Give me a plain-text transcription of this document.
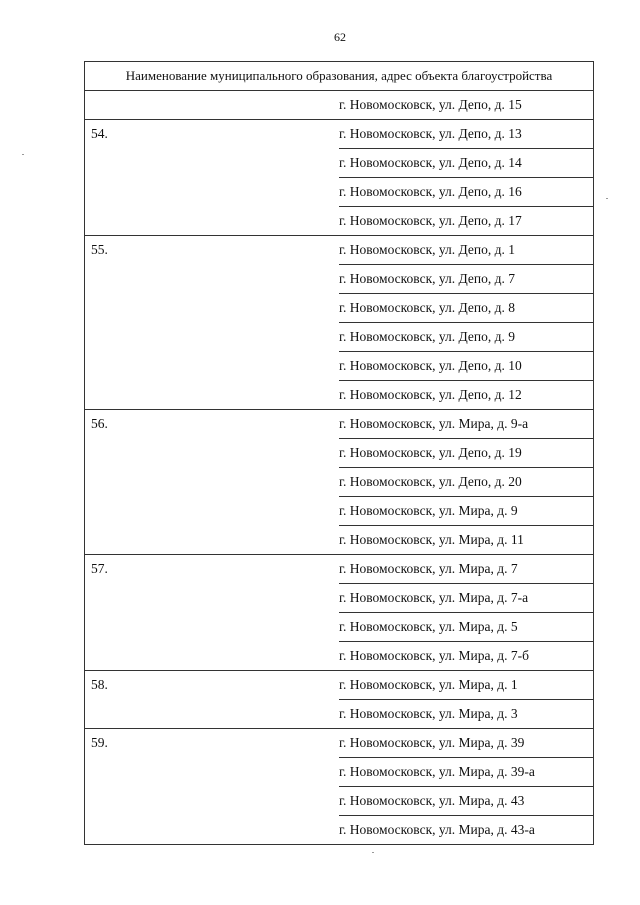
62
Наименование муниципального образования, адрес объекта благоустройства	
	г. Новомосковск, ул. Депо, д. 15
54.	г. Новомосковск, ул. Депо, д. 13
	г. Новомосковск, ул. Депо, д. 14
	г. Новомосковск, ул. Депо, д. 16
	г. Новомосковск, ул. Депо, д. 17
55.	г. Новомосковск, ул. Депо, д. 1
	г. Новомосковск, ул. Депо, д. 7
	г. Новомосковск, ул. Депо, д. 8
	г. Новомосковск, ул. Депо, д. 9
	г. Новомосковск, ул. Депо, д. 10
	г. Новомосковск, ул. Депо, д. 12
56.	г. Новомосковск, ул. Мира, д. 9-а
	г. Новомосковск, ул. Депо, д. 19
	г. Новомосковск, ул. Депо, д. 20
	г. Новомосковск, ул. Мира, д. 9
	г. Новомосковск, ул. Мира, д. 11
57.	г. Новомосковск, ул. Мира, д. 7
	г. Новомосковск, ул. Мира, д. 7-а
	г. Новомосковск, ул. Мира, д. 5
	г. Новомосковск, ул. Мира, д. 7-б
58.	г. Новомосковск, ул. Мира, д. 1
	г. Новомосковск, ул. Мира, д. 3
59.	г. Новомосковск, ул. Мира, д. 39
	г. Новомосковск, ул. Мира, д. 39-а
	г. Новомосковск, ул. Мира, д. 43
	г. Новомосковск, ул. Мира, д. 43-а
